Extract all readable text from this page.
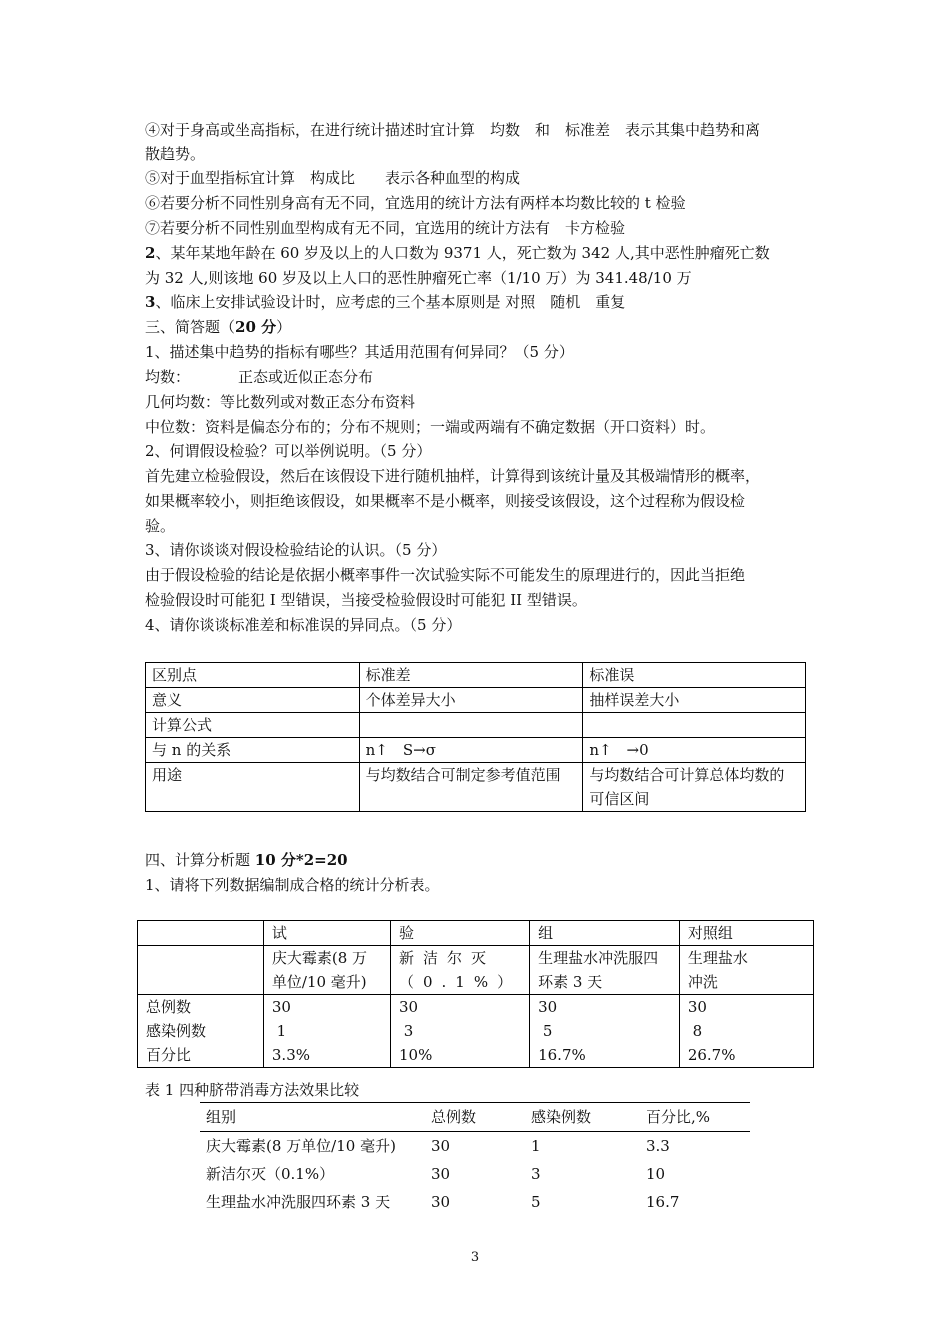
④对于身高或坐高指标，在进行统计描述时宜计算　均数　和　标准差　表示其集中趋势和离
散趋势。
⑤对于血型指标宜计算　构成比　　表示各种血型的构成
⑥若要分析不同性别身高有无不同，宜选用的统计方法有两样本均数比较的 t 检验
⑦若要分析不同性别血型构成有无不同，宜选用的统计方法有　卡方检验
2、某年某地年龄在 60 岁及以上的人口数为 9371 人，死亡数为 342 人,其中恶性肿瘤死亡数
为 32 人,则该地 60 岁及以上人口的恶性肿瘤死亡率（1/10 万）为 341.48/10 万
3、临床上安排试验设计时，应考虑的三个基本原则是 对照　随机　重复
三、简答题（20 分）
1、描述集中趋势的指标有哪些？其适用范围有何异同？（5 分）
均数：	正态或近似正态分布
几何均数：等比数列或对数正态分布资料
中位数：资料是偏态分布的；分布不规则；一端或两端有不确定数据（开口资料）时。
2、何谓假设检验？可以举例说明。（5 分）
首先建立检验假设，然后在该假设下进行随机抽样，计算得到该统计量及其极端情形的概率，
如果概率较小，则拒绝该假设，如果概率不是小概率，则接受该假设，这个过程称为假设检
验。
3、请你谈谈对假设检验结论的认识。（5 分）
由于假设检验的结论是依据小概率事件一次试验实际不可能发生的原理进行的，因此当拒绝
检验假设时可能犯 I 型错误，当接受检验假设时可能犯 II 型错误。
4、请你谈谈标准差和标准误的异同点。（5 分）
区别点	标准差	标准误
意义	个体差异大小	抽样误差大小
计算公式		
与 n 的关系	n↑　S→σ	n↑　→0
用途	与均数结合可制定参考值范围	与均数结合可计算总体均数的可信区间
四、计算分析题 10 分*2=20
1、请将下列数据编制成合格的统计分析表。
	试	验	组	对照组
	庆大霉素(8 万单位/10 毫升)	新洁尔灭（0.1%）	生理盐水冲洗服四环素 3 天	生理盐水冲洗
总例数	30	30	30	30
感染例数	1	3	5	8
百分比	3.3%	10%	16.7%	26.7%
表 1 四种脐带消毒方法效果比较
组别	总例数	感染例数	百分比,%
庆大霉素(8 万单位/10 毫升)	30	1	3.3
新洁尔灭（0.1%）	30	3	10
生理盐水冲洗服四环素 3 天	30	5	16.7
3
